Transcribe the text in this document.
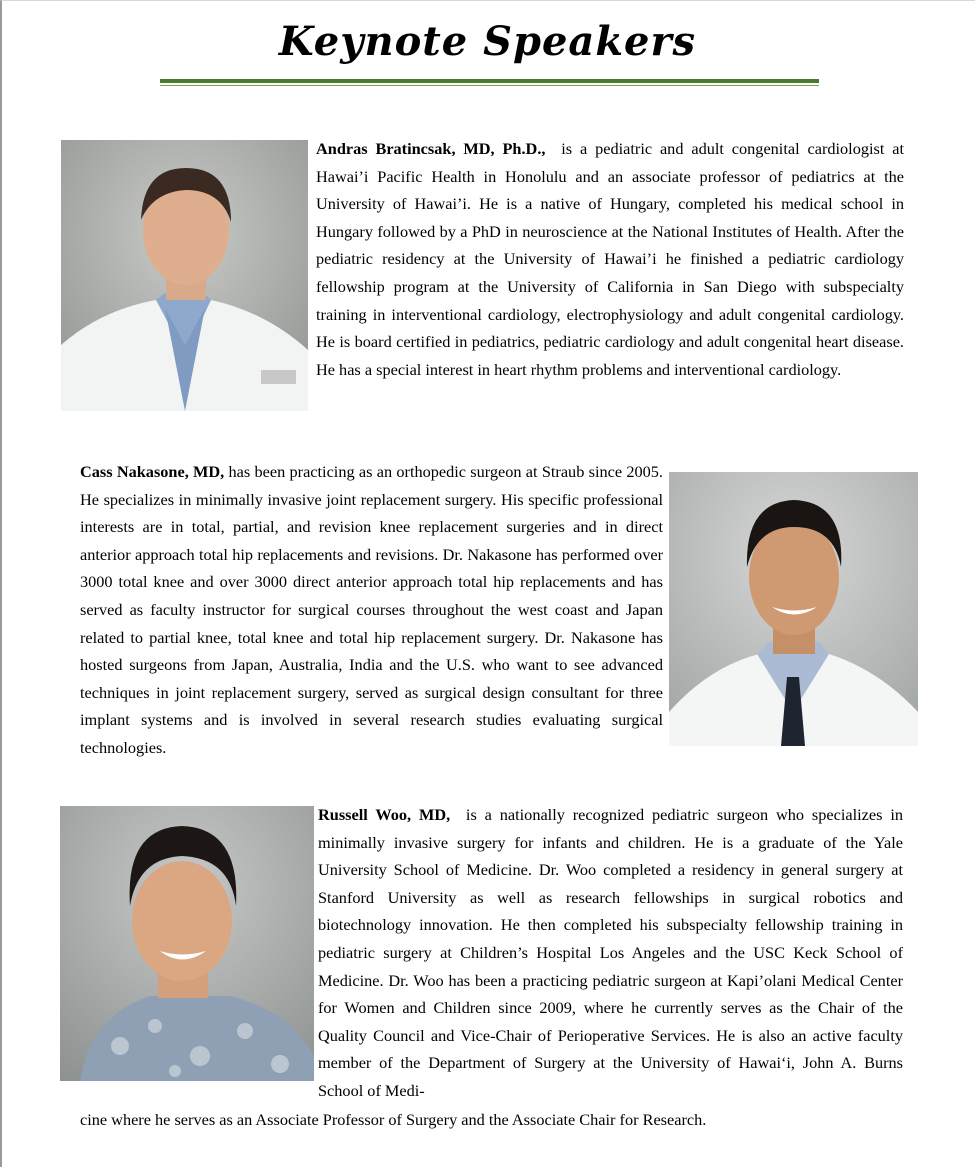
Keynote Speakers

Andras Bratincsak, MD, Ph.D., is a pediatric and adult congenital cardiologist at Hawai’i Pacific Health in Honolulu and an associate professor of pediatrics at the University of Hawai’i. He is a native of Hungary, completed his medical school in Hungary followed by a PhD in neuroscience at the National Institutes of Health. After the pediatric residency at the University of Hawai’i he finished a pediatric cardiology fellowship program at the University of California in San Diego with subspecialty training in interventional cardiology, electrophysiology and adult congenital cardiology. He is board certified in pediatrics, pediatric cardiology and adult congenital heart disease. He has a special interest in heart rhythm problems and interventional cardiology.

Cass Nakasone, MD, has been practicing as an orthopedic surgeon at Straub since 2005. He specializes in minimally invasive joint replacement surgery. His specific professional interests are in total, partial, and revision knee replacement surgeries and in direct anterior approach total hip replacements and revisions. Dr. Nakasone has performed over 3000 total knee and over 3000 direct anterior approach total hip replacements and has served as faculty instructor for surgical courses throughout the west coast and Japan related to partial knee, total knee and total hip replacement surgery. Dr. Nakasone has hosted surgeons from Japan, Australia, India and the U.S. who want to see advanced techniques in joint replacement surgery, served as surgical design consultant for three implant systems and is involved in several research studies evaluating surgical technologies.

Russell Woo, MD, is a nationally recognized pediatric surgeon who specializes in minimally invasive surgery for infants and children. He is a graduate of the Yale University School of Medicine. Dr. Woo completed a residency in general surgery at Stanford University as well as research fellowships in surgical robotics and biotechnology innovation. He then completed his subspecialty fellowship training in pediatric surgery at Children’s Hospital Los Angeles and the USC Keck School of Medicine. Dr. Woo has been a practicing pediatric surgeon at Kapi’olani Medical Center for Women and Children since 2009, where he currently serves as the Chair of the Quality Council and Vice-Chair of Perioperative Services. He is also an active faculty member of the Department of Surgery at the University of Hawai‘i, John A. Burns School of Medi-

cine where he serves as an Associate Professor of Surgery and the Associate Chair for Research.
